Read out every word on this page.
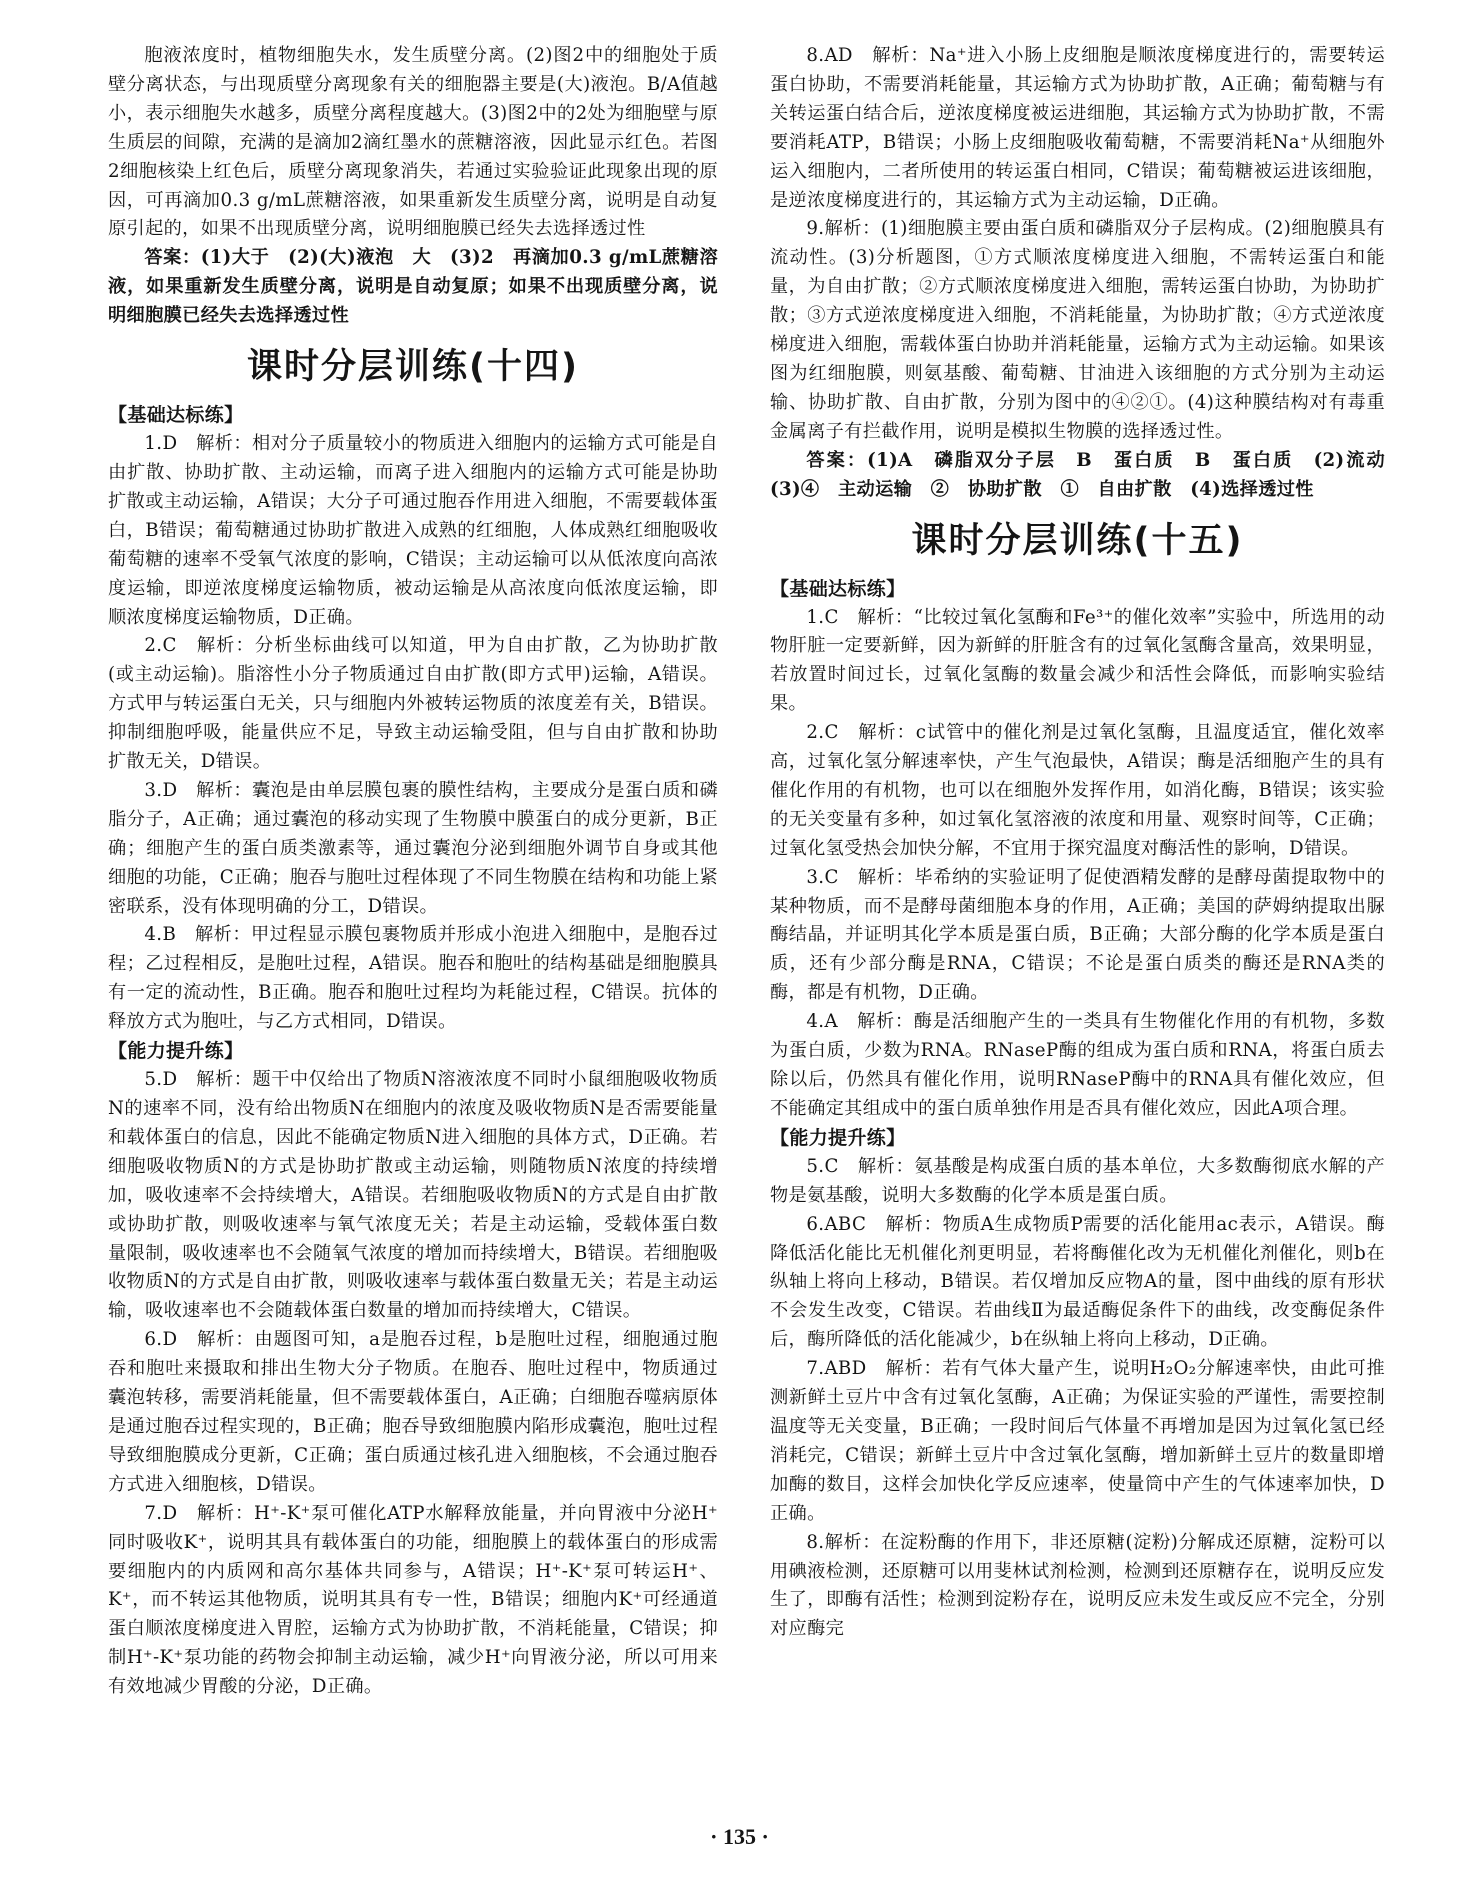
胞液浓度时，植物细胞失水，发生质壁分离。(2)图2中的细胞处于质壁分离状态，与出现质壁分离现象有关的细胞器主要是(大)液泡。B/A值越小，表示细胞失水越多，质壁分离程度越大。(3)图2中的2处为细胞壁与原生质层的间隙，充满的是滴加2滴红墨水的蔗糖溶液，因此显示红色。若图2细胞核染上红色后，质壁分离现象消失，若通过实验验证此现象出现的原因，可再滴加0.3 g/mL蔗糖溶液，如果重新发生质壁分离，说明是自动复原引起的，如果不出现质壁分离，说明细胞膜已经失去选择透过性

答案：(1)大于　(2)(大)液泡　大　(3)2　再滴加0.3 g/mL蔗糖溶液，如果重新发生质壁分离，说明是自动复原；如果不出现质壁分离，说明细胞膜已经失去选择透过性

课时分层训练(十四)

【基础达标练】

1.D　解析：相对分子质量较小的物质进入细胞内的运输方式可能是自由扩散、协助扩散、主动运输，而离子进入细胞内的运输方式可能是协助扩散或主动运输，A错误；大分子可通过胞吞作用进入细胞，不需要载体蛋白，B错误；葡萄糖通过协助扩散进入成熟的红细胞，人体成熟红细胞吸收葡萄糖的速率不受氧气浓度的影响，C错误；主动运输可以从低浓度向高浓度运输，即逆浓度梯度运输物质，被动运输是从高浓度向低浓度运输，即顺浓度梯度运输物质，D正确。

2.C　解析：分析坐标曲线可以知道，甲为自由扩散，乙为协助扩散(或主动运输)。脂溶性小分子物质通过自由扩散(即方式甲)运输，A错误。方式甲与转运蛋白无关，只与细胞内外被转运物质的浓度差有关，B错误。抑制细胞呼吸，能量供应不足，导致主动运输受阻，但与自由扩散和协助扩散无关，D错误。

3.D　解析：囊泡是由单层膜包裹的膜性结构，主要成分是蛋白质和磷脂分子，A正确；通过囊泡的移动实现了生物膜中膜蛋白的成分更新，B正确；细胞产生的蛋白质类激素等，通过囊泡分泌到细胞外调节自身或其他细胞的功能，C正确；胞吞与胞吐过程体现了不同生物膜在结构和功能上紧密联系，没有体现明确的分工，D错误。

4.B　解析：甲过程显示膜包裹物质并形成小泡进入细胞中，是胞吞过程；乙过程相反，是胞吐过程，A错误。胞吞和胞吐的结构基础是细胞膜具有一定的流动性，B正确。胞吞和胞吐过程均为耗能过程，C错误。抗体的释放方式为胞吐，与乙方式相同，D错误。

【能力提升练】

5.D　解析：题干中仅给出了物质N溶液浓度不同时小鼠细胞吸收物质N的速率不同，没有给出物质N在细胞内的浓度及吸收物质N是否需要能量和载体蛋白的信息，因此不能确定物质N进入细胞的具体方式，D正确。若细胞吸收物质N的方式是协助扩散或主动运输，则随物质N浓度的持续增加，吸收速率不会持续增大，A错误。若细胞吸收物质N的方式是自由扩散或协助扩散，则吸收速率与氧气浓度无关；若是主动运输，受载体蛋白数量限制，吸收速率也不会随氧气浓度的增加而持续增大，B错误。若细胞吸收物质N的方式是自由扩散，则吸收速率与载体蛋白数量无关；若是主动运输，吸收速率也不会随载体蛋白数量的增加而持续增大，C错误。

6.D　解析：由题图可知，a是胞吞过程，b是胞吐过程，细胞通过胞吞和胞吐来摄取和排出生物大分子物质。在胞吞、胞吐过程中，物质通过囊泡转移，需要消耗能量，但不需要载体蛋白，A正确；白细胞吞噬病原体是通过胞吞过程实现的，B正确；胞吞导致细胞膜内陷形成囊泡，胞吐过程导致细胞膜成分更新，C正确；蛋白质通过核孔进入细胞核，不会通过胞吞方式进入细胞核，D错误。

7.D　解析：H⁺-K⁺泵可催化ATP水解释放能量，并向胃液中分泌H⁺同时吸收K⁺，说明其具有载体蛋白的功能，细胞膜上的载体蛋白的形成需要细胞内的内质网和高尔基体共同参与，A错误；H⁺-K⁺泵可转运H⁺、K⁺，而不转运其他物质，说明其具有专一性，B错误；细胞内K⁺可经通道蛋白顺浓度梯度进入胃腔，运输方式为协助扩散，不消耗能量，C错误；抑制H⁺-K⁺泵功能的药物会抑制主动运输，减少H⁺向胃液分泌，所以可用来有效地减少胃酸的分泌，D正确。

8.AD　解析：Na⁺进入小肠上皮细胞是顺浓度梯度进行的，需要转运蛋白协助，不需要消耗能量，其运输方式为协助扩散，A正确；葡萄糖与有关转运蛋白结合后，逆浓度梯度被运进细胞，其运输方式为协助扩散，不需要消耗ATP，B错误；小肠上皮细胞吸收葡萄糖，不需要消耗Na⁺从细胞外运入细胞内，二者所使用的转运蛋白相同，C错误；葡萄糖被运进该细胞，是逆浓度梯度进行的，其运输方式为主动运输，D正确。

9.解析：(1)细胞膜主要由蛋白质和磷脂双分子层构成。(2)细胞膜具有流动性。(3)分析题图，①方式顺浓度梯度进入细胞，不需转运蛋白和能量，为自由扩散；②方式顺浓度梯度进入细胞，需转运蛋白协助，为协助扩散；③方式逆浓度梯度进入细胞，不消耗能量，为协助扩散；④方式逆浓度梯度进入细胞，需载体蛋白协助并消耗能量，运输方式为主动运输。如果该图为红细胞膜，则氨基酸、葡萄糖、甘油进入该细胞的方式分别为主动运输、协助扩散、自由扩散，分别为图中的④②①。(4)这种膜结构对有毒重金属离子有拦截作用，说明是模拟生物膜的选择透过性。

答案：(1)A　磷脂双分子层　B　蛋白质　B　蛋白质　(2)流动　(3)④　主动运输　②　协助扩散　①　自由扩散　(4)选择透过性

课时分层训练(十五)

【基础达标练】

1.C　解析：“比较过氧化氢酶和Fe³⁺的催化效率”实验中，所选用的动物肝脏一定要新鲜，因为新鲜的肝脏含有的过氧化氢酶含量高，效果明显，若放置时间过长，过氧化氢酶的数量会减少和活性会降低，而影响实验结果。

2.C　解析：c试管中的催化剂是过氧化氢酶，且温度适宜，催化效率高，过氧化氢分解速率快，产生气泡最快，A错误；酶是活细胞产生的具有催化作用的有机物，也可以在细胞外发挥作用，如消化酶，B错误；该实验的无关变量有多种，如过氧化氢溶液的浓度和用量、观察时间等，C正确；过氧化氢受热会加快分解，不宜用于探究温度对酶活性的影响，D错误。

3.C　解析：毕希纳的实验证明了促使酒精发酵的是酵母菌提取物中的某种物质，而不是酵母菌细胞本身的作用，A正确；美国的萨姆纳提取出脲酶结晶，并证明其化学本质是蛋白质，B正确；大部分酶的化学本质是蛋白质，还有少部分酶是RNA，C错误；不论是蛋白质类的酶还是RNA类的酶，都是有机物，D正确。

4.A　解析：酶是活细胞产生的一类具有生物催化作用的有机物，多数为蛋白质，少数为RNA。RNaseP酶的组成为蛋白质和RNA，将蛋白质去除以后，仍然具有催化作用，说明RNaseP酶中的RNA具有催化效应，但不能确定其组成中的蛋白质单独作用是否具有催化效应，因此A项合理。

【能力提升练】

5.C　解析：氨基酸是构成蛋白质的基本单位，大多数酶彻底水解的产物是氨基酸，说明大多数酶的化学本质是蛋白质。

6.ABC　解析：物质A生成物质P需要的活化能用ac表示，A错误。酶降低活化能比无机催化剂更明显，若将酶催化改为无机催化剂催化，则b在纵轴上将向上移动，B错误。若仅增加反应物A的量，图中曲线的原有形状不会发生改变，C错误。若曲线Ⅱ为最适酶促条件下的曲线，改变酶促条件后，酶所降低的活化能减少，b在纵轴上将向上移动，D正确。

7.ABD　解析：若有气体大量产生，说明H₂O₂分解速率快，由此可推测新鲜土豆片中含有过氧化氢酶，A正确；为保证实验的严谨性，需要控制温度等无关变量，B正确；一段时间后气体量不再增加是因为过氧化氢已经消耗完，C错误；新鲜土豆片中含过氧化氢酶，增加新鲜土豆片的数量即增加酶的数目，这样会加快化学反应速率，使量筒中产生的气体速率加快，D正确。

8.解析：在淀粉酶的作用下，非还原糖(淀粉)分解成还原糖，淀粉可以用碘液检测，还原糖可以用斐林试剂检测，检测到还原糖存在，说明反应发生了，即酶有活性；检测到淀粉存在，说明反应未发生或反应不完全，分别对应酶完

· 135 ·
